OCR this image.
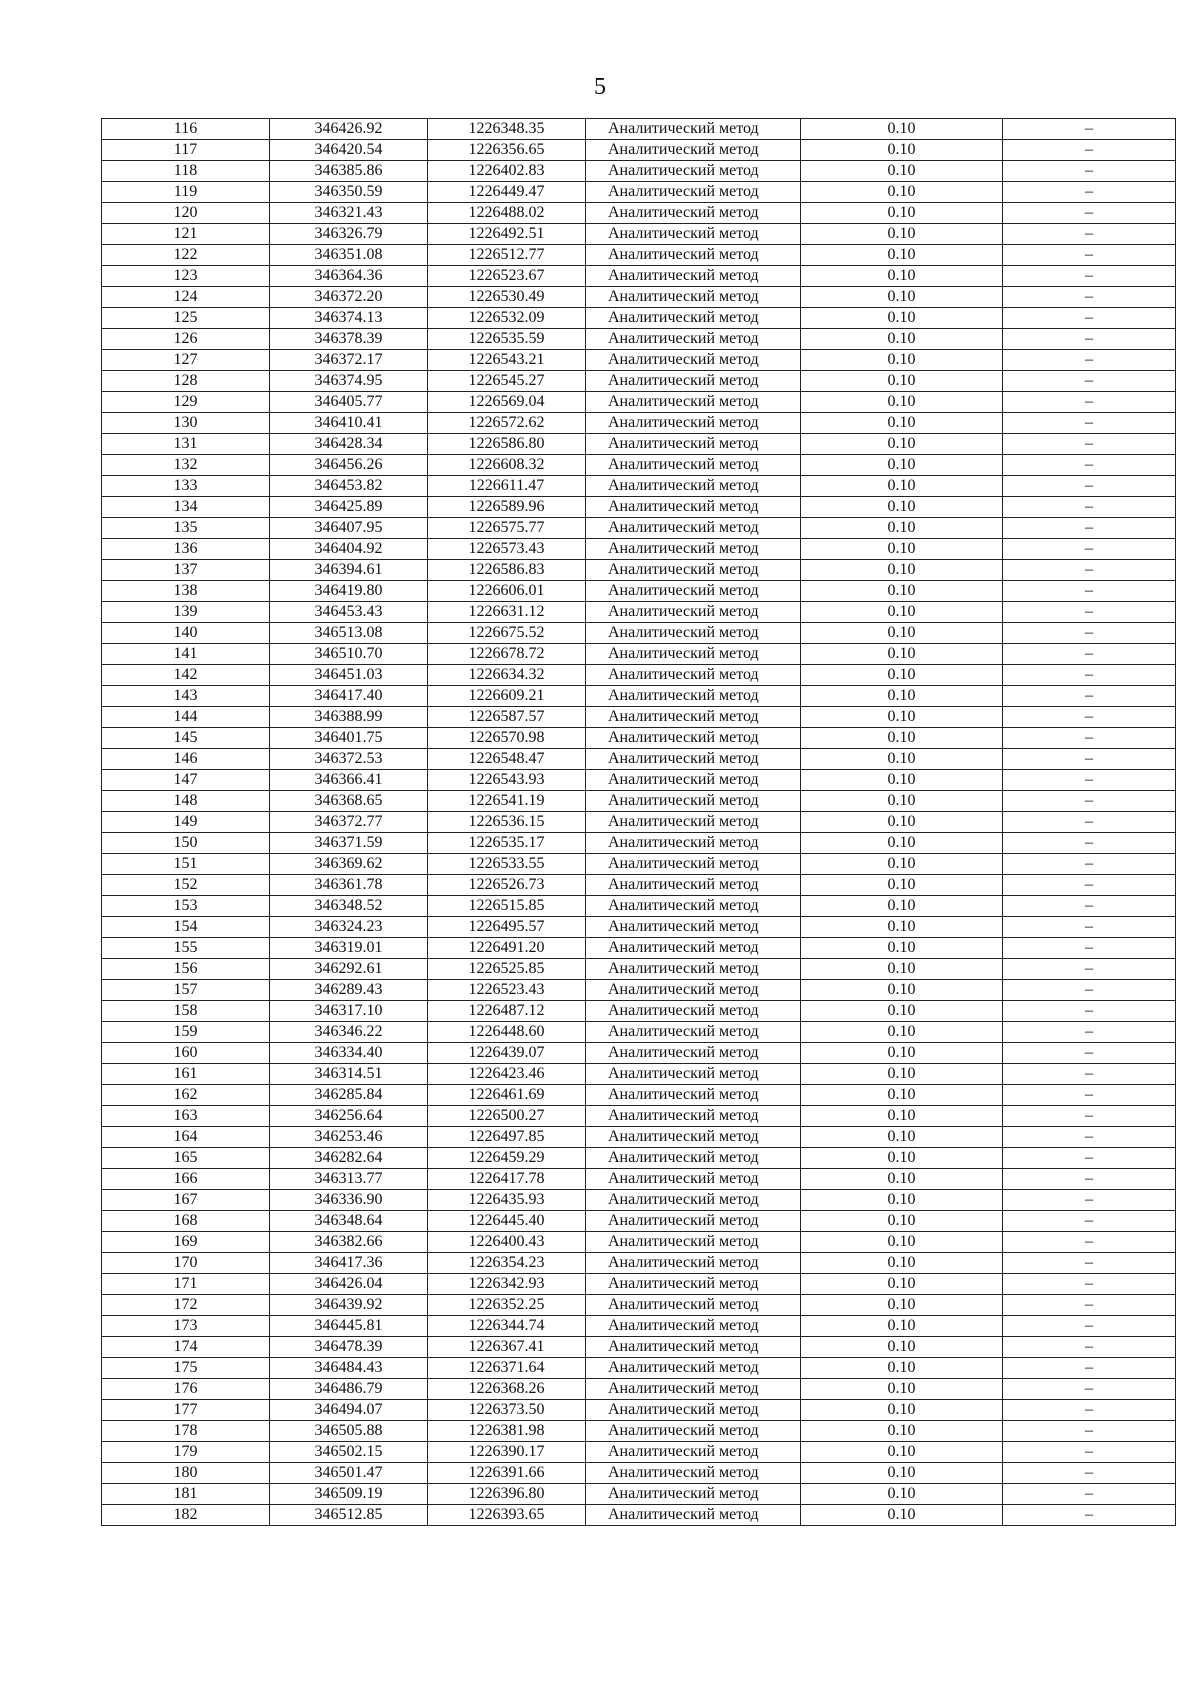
5
116	346426.92	1226348.35	Аналитический метод	0.10	–
117	346420.54	1226356.65	Аналитический метод	0.10	–
118	346385.86	1226402.83	Аналитический метод	0.10	–
119	346350.59	1226449.47	Аналитический метод	0.10	–
120	346321.43	1226488.02	Аналитический метод	0.10	–
121	346326.79	1226492.51	Аналитический метод	0.10	–
122	346351.08	1226512.77	Аналитический метод	0.10	–
123	346364.36	1226523.67	Аналитический метод	0.10	–
124	346372.20	1226530.49	Аналитический метод	0.10	–
125	346374.13	1226532.09	Аналитический метод	0.10	–
126	346378.39	1226535.59	Аналитический метод	0.10	–
127	346372.17	1226543.21	Аналитический метод	0.10	–
128	346374.95	1226545.27	Аналитический метод	0.10	–
129	346405.77	1226569.04	Аналитический метод	0.10	–
130	346410.41	1226572.62	Аналитический метод	0.10	–
131	346428.34	1226586.80	Аналитический метод	0.10	–
132	346456.26	1226608.32	Аналитический метод	0.10	–
133	346453.82	1226611.47	Аналитический метод	0.10	–
134	346425.89	1226589.96	Аналитический метод	0.10	–
135	346407.95	1226575.77	Аналитический метод	0.10	–
136	346404.92	1226573.43	Аналитический метод	0.10	–
137	346394.61	1226586.83	Аналитический метод	0.10	–
138	346419.80	1226606.01	Аналитический метод	0.10	–
139	346453.43	1226631.12	Аналитический метод	0.10	–
140	346513.08	1226675.52	Аналитический метод	0.10	–
141	346510.70	1226678.72	Аналитический метод	0.10	–
142	346451.03	1226634.32	Аналитический метод	0.10	–
143	346417.40	1226609.21	Аналитический метод	0.10	–
144	346388.99	1226587.57	Аналитический метод	0.10	–
145	346401.75	1226570.98	Аналитический метод	0.10	–
146	346372.53	1226548.47	Аналитический метод	0.10	–
147	346366.41	1226543.93	Аналитический метод	0.10	–
148	346368.65	1226541.19	Аналитический метод	0.10	–
149	346372.77	1226536.15	Аналитический метод	0.10	–
150	346371.59	1226535.17	Аналитический метод	0.10	–
151	346369.62	1226533.55	Аналитический метод	0.10	–
152	346361.78	1226526.73	Аналитический метод	0.10	–
153	346348.52	1226515.85	Аналитический метод	0.10	–
154	346324.23	1226495.57	Аналитический метод	0.10	–
155	346319.01	1226491.20	Аналитический метод	0.10	–
156	346292.61	1226525.85	Аналитический метод	0.10	–
157	346289.43	1226523.43	Аналитический метод	0.10	–
158	346317.10	1226487.12	Аналитический метод	0.10	–
159	346346.22	1226448.60	Аналитический метод	0.10	–
160	346334.40	1226439.07	Аналитический метод	0.10	–
161	346314.51	1226423.46	Аналитический метод	0.10	–
162	346285.84	1226461.69	Аналитический метод	0.10	–
163	346256.64	1226500.27	Аналитический метод	0.10	–
164	346253.46	1226497.85	Аналитический метод	0.10	–
165	346282.64	1226459.29	Аналитический метод	0.10	–
166	346313.77	1226417.78	Аналитический метод	0.10	–
167	346336.90	1226435.93	Аналитический метод	0.10	–
168	346348.64	1226445.40	Аналитический метод	0.10	–
169	346382.66	1226400.43	Аналитический метод	0.10	–
170	346417.36	1226354.23	Аналитический метод	0.10	–
171	346426.04	1226342.93	Аналитический метод	0.10	–
172	346439.92	1226352.25	Аналитический метод	0.10	–
173	346445.81	1226344.74	Аналитический метод	0.10	–
174	346478.39	1226367.41	Аналитический метод	0.10	–
175	346484.43	1226371.64	Аналитический метод	0.10	–
176	346486.79	1226368.26	Аналитический метод	0.10	–
177	346494.07	1226373.50	Аналитический метод	0.10	–
178	346505.88	1226381.98	Аналитический метод	0.10	–
179	346502.15	1226390.17	Аналитический метод	0.10	–
180	346501.47	1226391.66	Аналитический метод	0.10	–
181	346509.19	1226396.80	Аналитический метод	0.10	–
182	346512.85	1226393.65	Аналитический метод	0.10	–
